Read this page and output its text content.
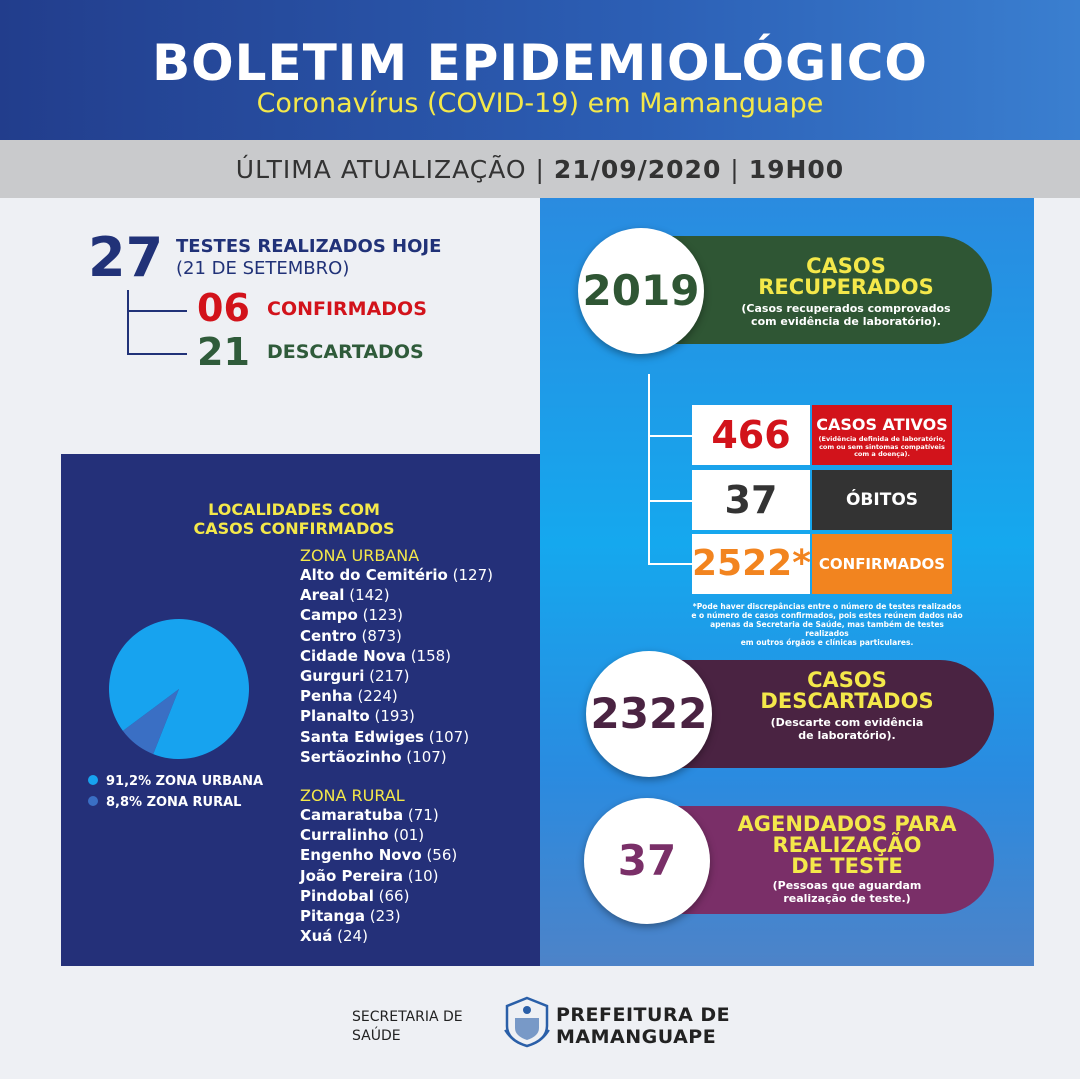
BOLETIM EPIDEMIOLÓGICO
Coronavírus (COVID-19) em Mamanguape
ÚLTIMA ATUALIZAÇÃO | 21/09/2020 | 19H00
27 TESTES REALIZADOS HOJE
(21 DE SETEMBRO)
06 CONFIRMADOS
21 DESCARTADOS
LOCALIDADES COM
CASOS CONFIRMADOS
91,2% ZONA URBANA
8,8% ZONA RURAL
ZONA URBANA
Alto do Cemitério (127)
Areal (142)
Campo (123)
Centro (873)
Cidade Nova (158)
Gurguri (217)
Penha (224)
Planalto (193)
Santa Edwiges (107)
Sertãozinho (107)
ZONA RURAL
Camaratuba (71)
Curralinho (01)
Engenho Novo (56)
João Pereira (10)
Pindobal (66)
Pitanga (23)
Xuá (24)
CASOS
RECUPERADOS
(Casos recuperados comprovados
com evidência de laboratório).
2019
466	CASOS ATIVOS
(Evidência definida de laboratório,
com ou sem sintomas compatíveis
com a doença).
37	ÓBITOS
2522* CONFIRMADOS
*Pode haver discrepâncias entre o número de testes realizados
e o número de casos confirmados, pois estes reúnem dados não
apenas da Secretaria de Saúde, mas também de testes realizados
em outros órgãos e clínicas particulares.
CASOS
DESCARTADOS
(Descarte com evidência
de laboratório).
2322
AGENDADOS PARA
REALIZAÇÃO
DE TESTE
(Pessoas que aguardam
realização de teste.)
37
SECRETARIA DE
SAÚDE
PREFEITURA DE
MAMANGUAPE
